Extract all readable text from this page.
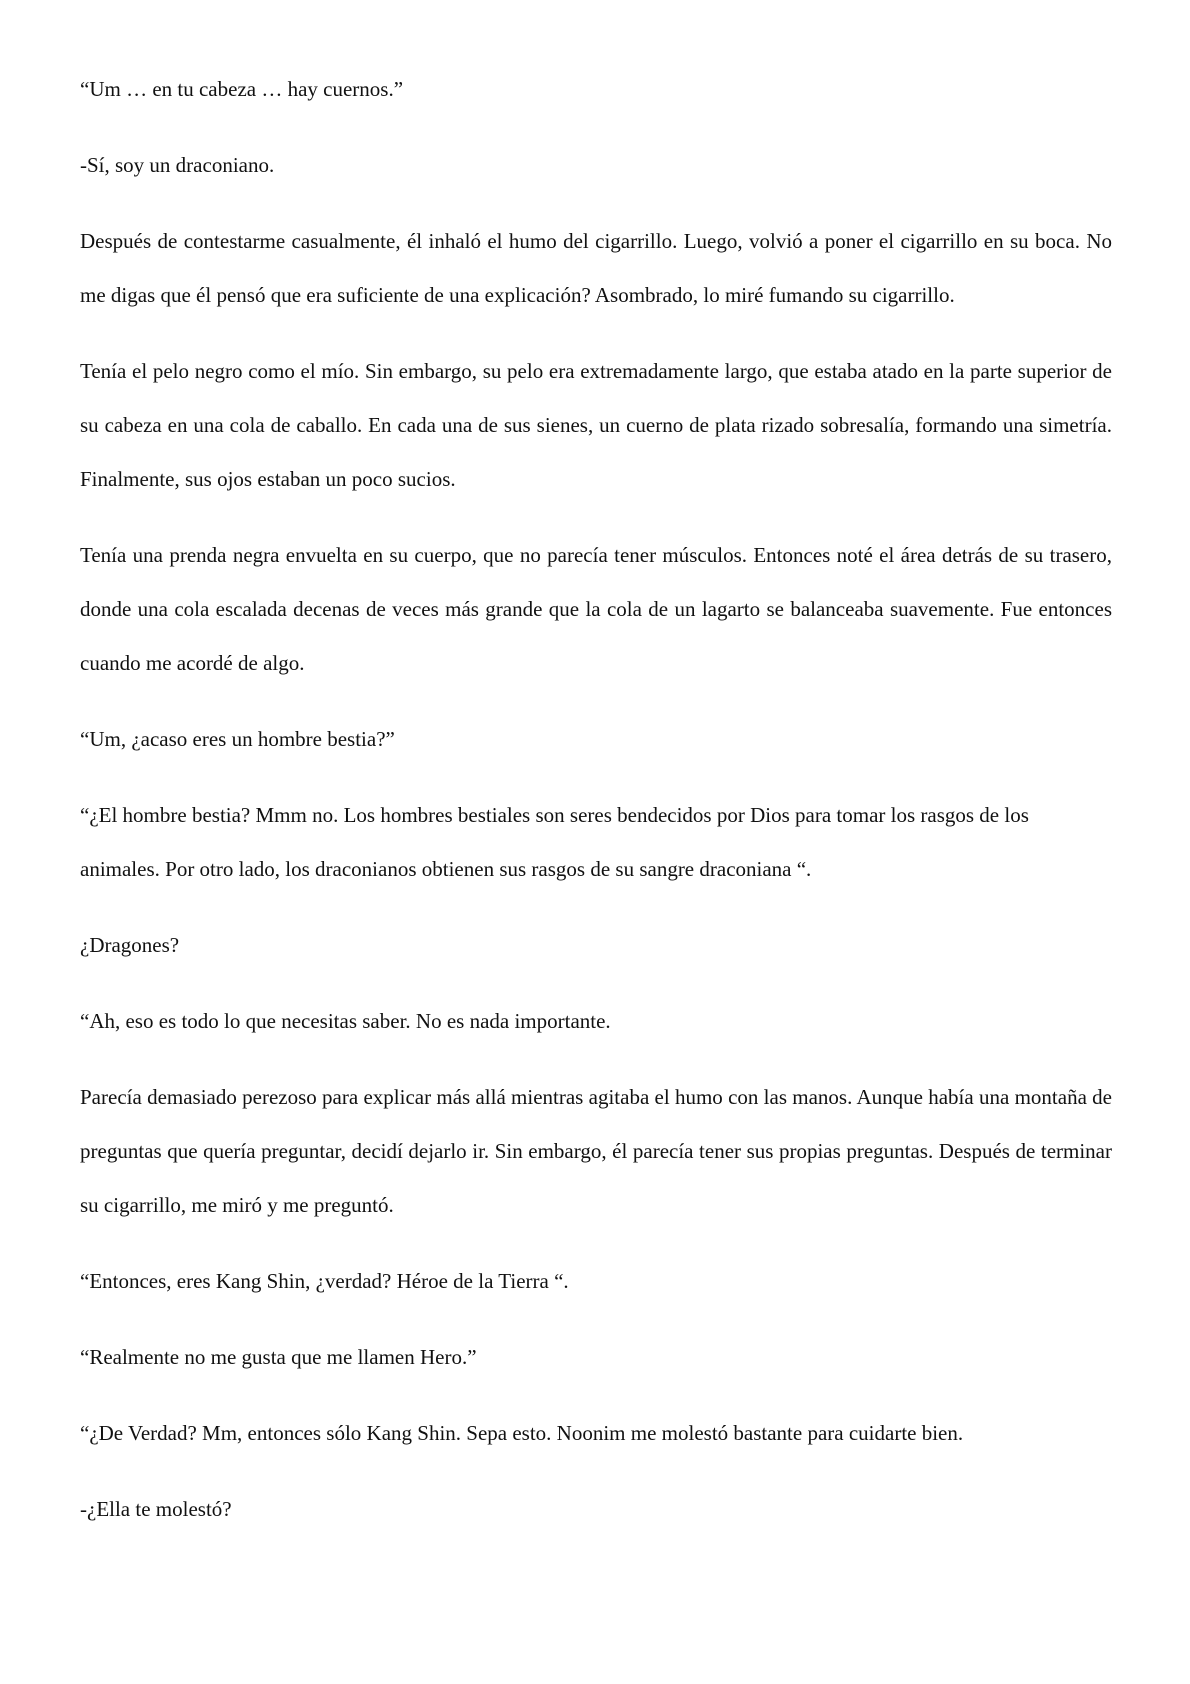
“Um … en tu cabeza … hay cuernos.”

-Sí, soy un draconiano.

Después de contestarme casualmente, él inhaló el humo del cigarrillo. Luego, volvió a poner el cigarrillo en su boca. No me digas que él pensó que era suficiente de una explicación? Asombrado, lo miré fumando su cigarrillo.

Tenía el pelo negro como el mío. Sin embargo, su pelo era extremadamente largo, que estaba atado en la parte superior de su cabeza en una cola de caballo. En cada una de sus sienes, un cuerno de plata rizado sobresalía, formando una simetría. Finalmente, sus ojos estaban un poco sucios.

Tenía una prenda negra envuelta en su cuerpo, que no parecía tener músculos. Entonces noté el área detrás de su trasero, donde una cola escalada decenas de veces más grande que la cola de un lagarto se balanceaba suavemente. Fue entonces cuando me acordé de algo.

“Um, ¿acaso eres un hombre bestia?”

“¿El hombre bestia? Mmm no. Los hombres bestiales son seres bendecidos por Dios para tomar los rasgos de los animales. Por otro lado, los draconianos obtienen sus rasgos de su sangre draconiana “.

¿Dragones?

“Ah, eso es todo lo que necesitas saber. No es nada importante.

Parecía demasiado perezoso para explicar más allá mientras agitaba el humo con las manos. Aunque había una montaña de preguntas que quería preguntar, decidí dejarlo ir. Sin embargo, él parecía tener sus propias preguntas. Después de terminar su cigarrillo, me miró y me preguntó.

“Entonces, eres Kang Shin, ¿verdad? Héroe de la Tierra “.

“Realmente no me gusta que me llamen Hero.”

“¿De Verdad? Mm, entonces sólo Kang Shin. Sepa esto. Noonim me molestó bastante para cuidarte bien.

-¿Ella te molestó?
